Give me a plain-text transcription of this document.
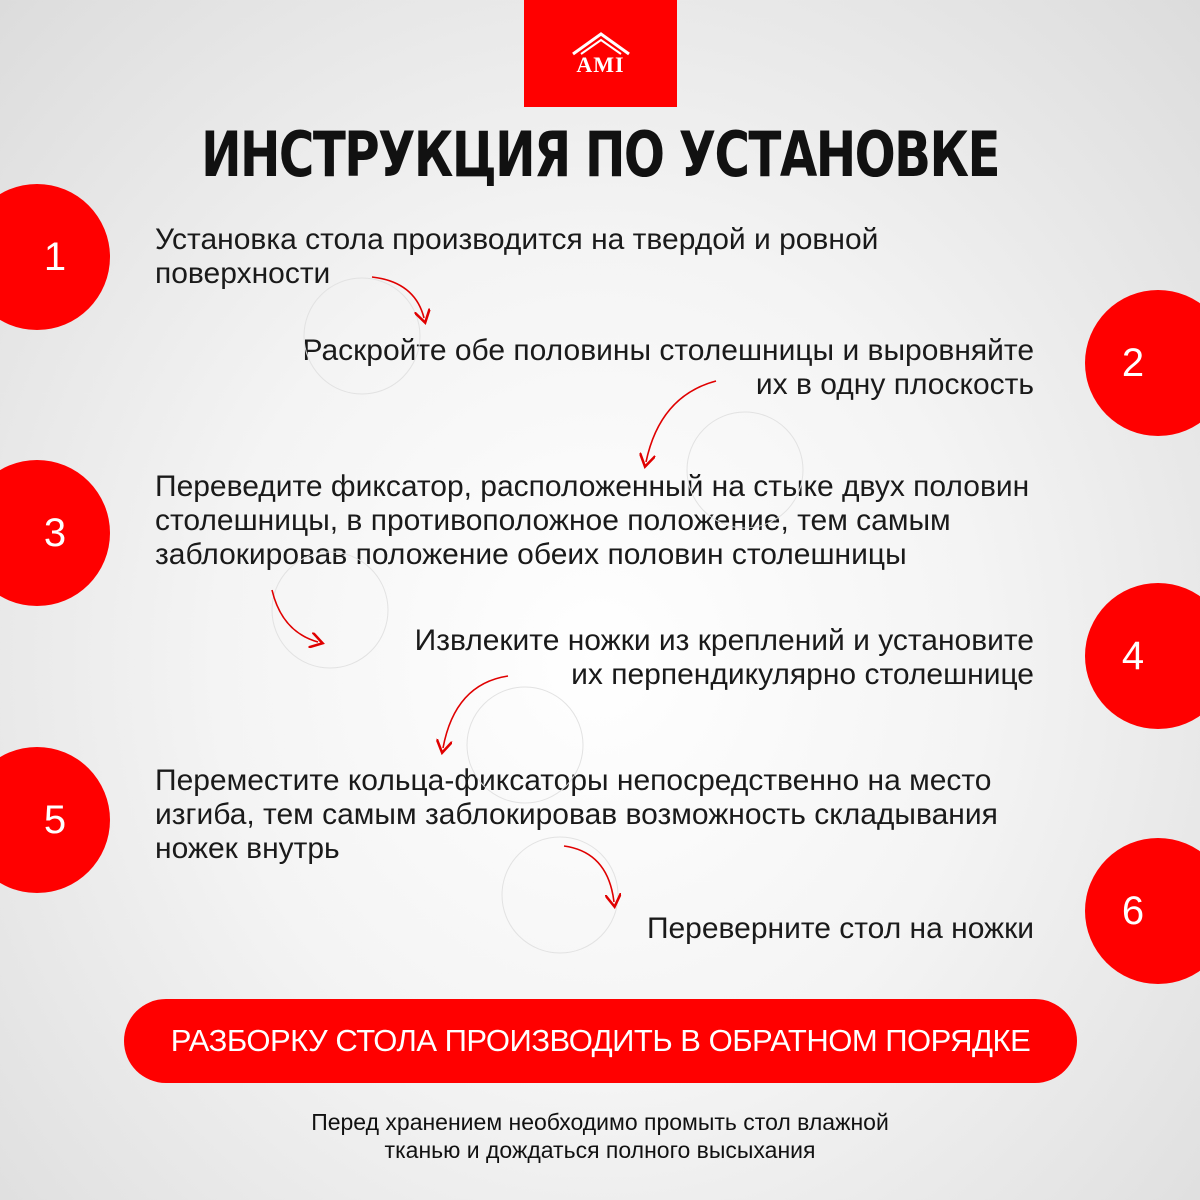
AMI
ИНСТРУКЦИЯ ПО УСТАНОВКЕ
1
2
3
4
5
6

Установка стола производится на твердой и ровной
поверхности

Раскройте обе половины столешницы и выровняйте
их в одну плоскость

Переведите фиксатор, расположенный на стыке двух половин
столешницы, в противоположное положение, тем самым
заблокировав положение обеих половин столешницы

Извлеките ножки из креплений и установите
их перпендикулярно столешнице

Переместите кольца-фиксаторы непосредственно на место
изгиба, тем самым заблокировав возможность складывания
ножек внутрь

Переверните стол на ножки

РАЗБОРКУ СТОЛА ПРОИЗВОДИТЬ В ОБРАТНОМ ПОРЯДКЕ

Перед хранением необходимо промыть стол влажной
тканью и дождаться полного высыхания
